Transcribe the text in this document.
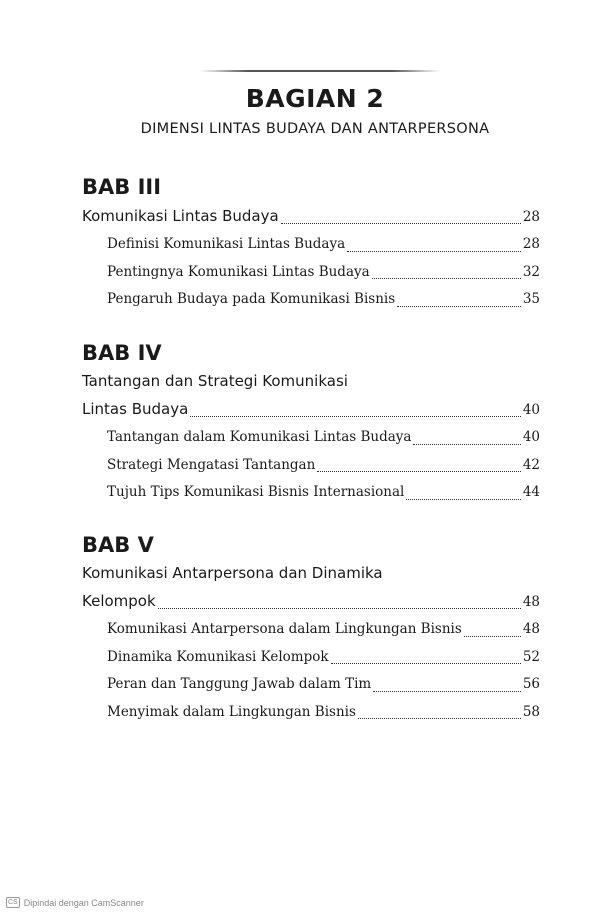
BAGIAN 2
DIMENSI LINTAS BUDAYA DAN ANTARPERSONA
BAB III
Komunikasi Lintas Budaya	28
Definisi Komunikasi Lintas Budaya	28
Pentingnya Komunikasi Lintas Budaya	32
Pengaruh Budaya pada Komunikasi Bisnis	35
BAB IV
Tantangan dan Strategi Komunikasi
Lintas Budaya	40
Tantangan dalam Komunikasi Lintas Budaya	40
Strategi Mengatasi Tantangan	42
Tujuh Tips Komunikasi Bisnis Internasional	44
BAB V
Komunikasi Antarpersona dan Dinamika
Kelompok	48
Komunikasi Antarpersona dalam Lingkungan Bisnis	48
Dinamika Komunikasi Kelompok	52
Peran dan Tanggung Jawab dalam Tim	56
Menyimak dalam Lingkungan Bisnis	58
CS Dipindai dengan CamScanner
